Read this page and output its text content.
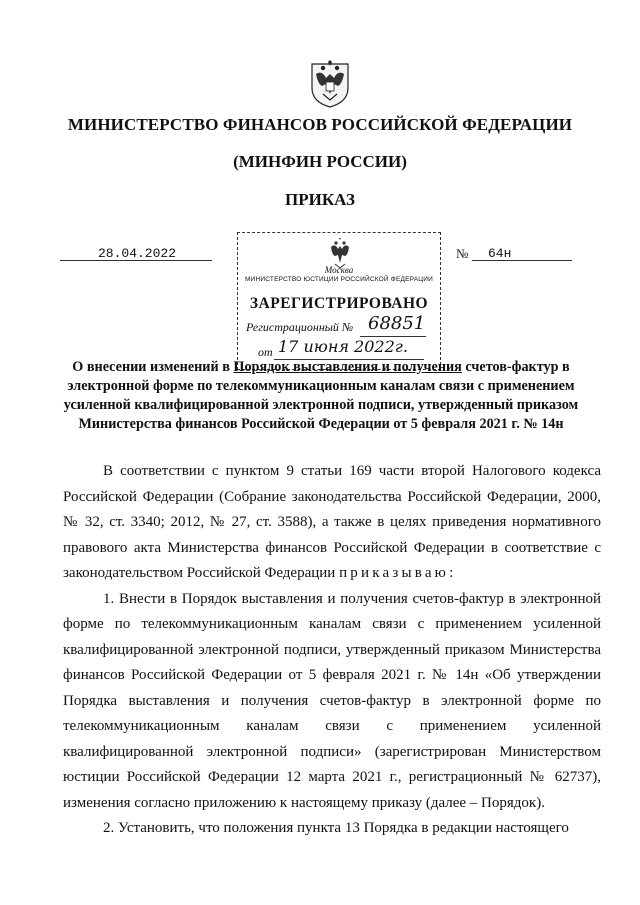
МИНИСТЕРСТВО ФИНАНСОВ РОССИЙСКОЙ ФЕДЕРАЦИИ
(МИНФИН РОССИИ)
ПРИКАЗ
28.04.2022	№ 64н
Москва
МИНИСТЕРСТВО ЮСТИЦИИ РОССИЙСКОЙ ФЕДЕРАЦИИ
ЗАРЕГИСТРИРОВАНО
Регистрационный № 68851
от 17 июня 2022г.
О внесении изменений в Порядок выставления и получения счетов-фактур в электронной форме по телекоммуникационным каналам связи с применением усиленной квалифицированной электронной подписи, утвержденный приказом Министерства финансов Российской Федерации от 5 февраля 2021 г. № 14н

В соответствии с пунктом 9 статьи 169 части второй Налогового кодекса Российской Федерации (Собрание законодательства Российской Федерации, 2000, № 32, ст. 3340; 2012, № 27, ст. 3588), а также в целях приведения нормативного правового акта Министерства финансов Российской Федерации в соответствие с законодательством Российской Федерации приказываю:

1. Внести в Порядок выставления и получения счетов-фактур в электронной форме по телекоммуникационным каналам связи с применением усиленной квалифицированной электронной подписи, утвержденный приказом Министерства финансов Российской Федерации от 5 февраля 2021 г. № 14н «Об утверждении Порядка выставления и получения счетов-фактур в электронной форме по телекоммуникационным каналам связи с применением усиленной квалифицированной электронной подписи» (зарегистрирован Министерством юстиции Российской Федерации 12 марта 2021 г., регистрационный № 62737), изменения согласно приложению к настоящему приказу (далее – Порядок).

2. Установить, что положения пункта 13 Порядка в редакции настоящего
